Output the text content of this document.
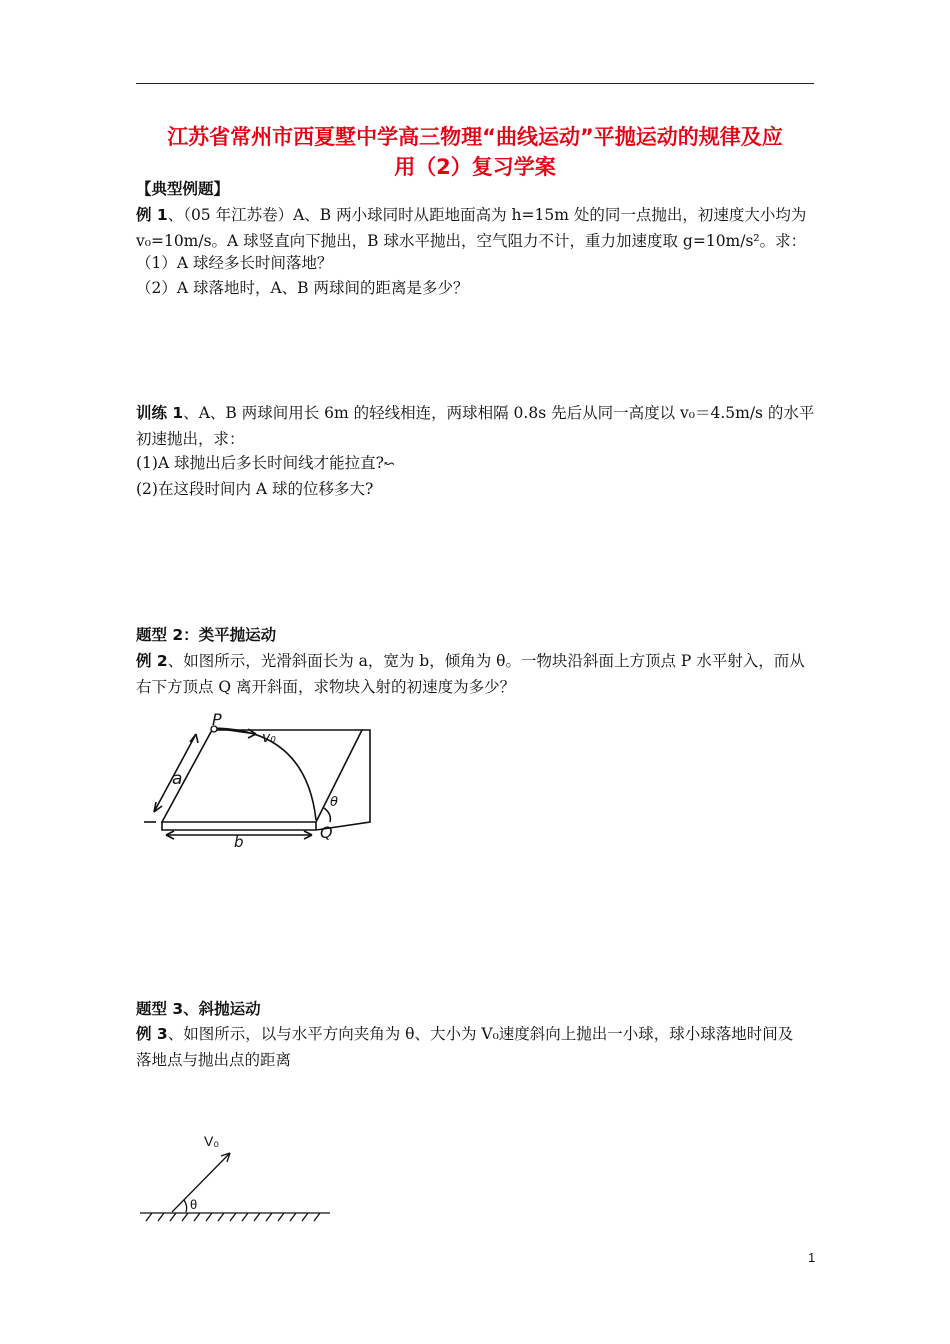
江苏省常州市西夏墅中学高三物理“曲线运动”平抛运动的规律及应
用（2）复习学案
【典型例题】
例 1、（05 年江苏卷）A、B 两小球同时从距地面高为 h=15m 处的同一点抛出，初速度大小均为
v₀=10m/s。A 球竖直向下抛出，B 球水平抛出，空气阻力不计，重力加速度取 g=10m/s²。求：
（1）A 球经多长时间落地？
（2）A 球落地时，A、B 两球间的距离是多少？
训练 1、A、B 两球间用长 6m 的轻线相连，两球相隔 0.8s 先后从同一高度以 v₀＝4.5m/s 的水平
初速抛出，求：
(1)A 球抛出后多长时间线才能拉直?↜
(2)在这段时间内 A 球的位移多大?
题型 2：类平抛运动
例 2、如图所示，光滑斜面长为 a，宽为 b，倾角为 θ。一物块沿斜面上方顶点 P 水平射入，而从
右下方顶点 Q 离开斜面，求物块入射的初速度为多少？
P
v₀
a
b	Q
θ
题型 3、斜抛运动
例 3、如图所示，以与水平方向夹角为 θ、大小为 V₀速度斜向上抛出一小球，球小球落地时间及
落地点与抛出点的距离
V₀
θ
1
